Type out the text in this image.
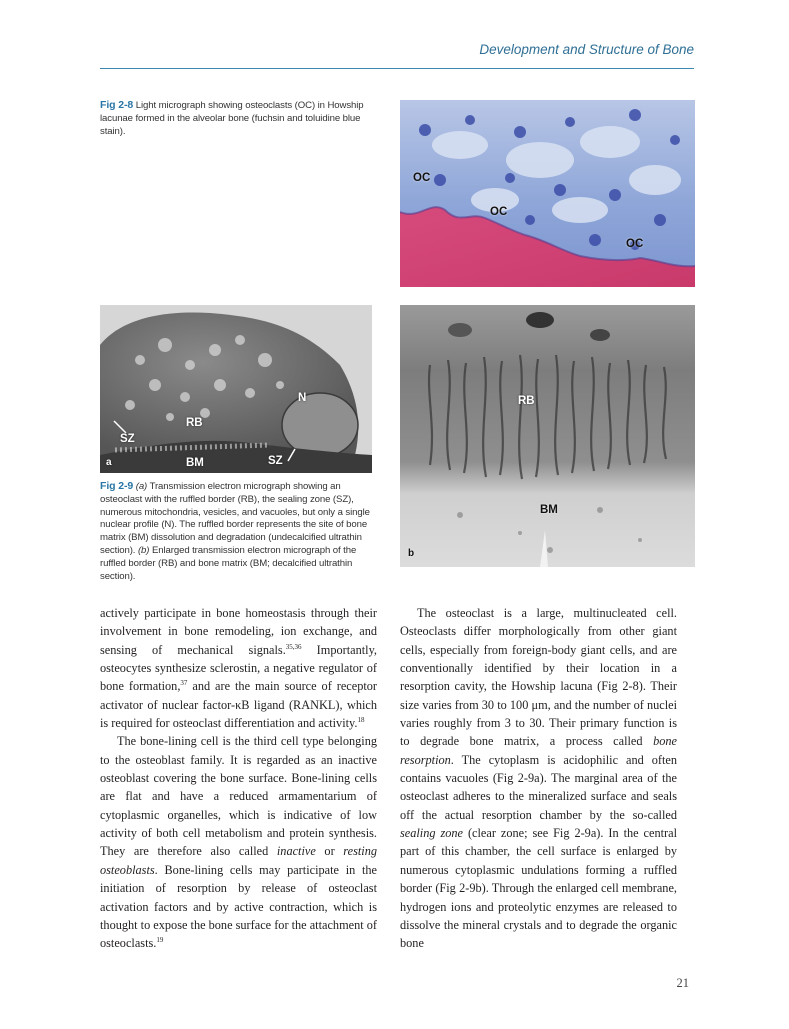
Development and Structure of Bone

Fig 2-8 Light micrograph showing osteoclasts (OC) in Howship lacunae formed in the alveolar bone (fuchsin and toluidine blue stain).

OC
OC
OC
N
RB
SZ
BM	SZ
a

Fig 2-9 (a) Transmission electron micrograph showing an osteoclast with the ruffled border (RB), the sealing zone (SZ), numerous mitochondria, vesicles, and vacuoles, but only a single nuclear profile (N). The ruffled border represents the site of bone matrix (BM) dissolution and degradation (undecalcified ultrathin section). (b) Enlarged transmission electron micrograph of the ruffled border (RB) and bone matrix (BM; decalcified ultrathin section).

RB
BM
b

actively participate in bone homeostasis through their involvement in bone remodeling, ion exchange, and sensing of mechanical signals.$^{35,36}$ Importantly, osteocytes synthesize sclerostin, a negative regulator of bone formation,$^{37}$ and are the main source of receptor activator of nuclear factor-κB ligand (RANKL), which is required for osteoclast differentiation and activity.$^{18}$

The bone-lining cell is the third cell type belonging to the osteoblast family. It is regarded as an inactive osteoblast covering the bone surface. Bone-lining cells are flat and have a reduced armamentarium of cytoplasmic organelles, which is indicative of low activity of both cell metabolism and protein synthesis. They are therefore also called inactive or resting osteoblasts. Bone-lining cells may participate in the initiation of resorption by release of osteoclast activation factors and by active contraction, which is thought to expose the bone surface for the attachment of osteoclasts.$^{19}$

The osteoclast is a large, multinucleated cell. Osteoclasts differ morphologically from other giant cells, especially from foreign-body giant cells, and are conventionally identified by their location in a resorption cavity, the Howship lacuna (Fig 2-8). Their size varies from 30 to 100 μm, and the number of nuclei varies roughly from 3 to 30. Their primary function is to degrade bone matrix, a process called bone resorption. The cytoplasm is acidophilic and often contains vacuoles (Fig 2-9a). The marginal area of the osteoclast adheres to the mineralized surface and seals off the actual resorption chamber by the so-called sealing zone (clear zone; see Fig 2-9a). In the central part of this chamber, the cell surface is enlarged by numerous cytoplasmic undulations forming a ruffled border (Fig 2-9b). Through the enlarged cell membrane, hydrogen ions and proteolytic enzymes are released to dissolve the mineral crystals and to degrade the organic bone

21
